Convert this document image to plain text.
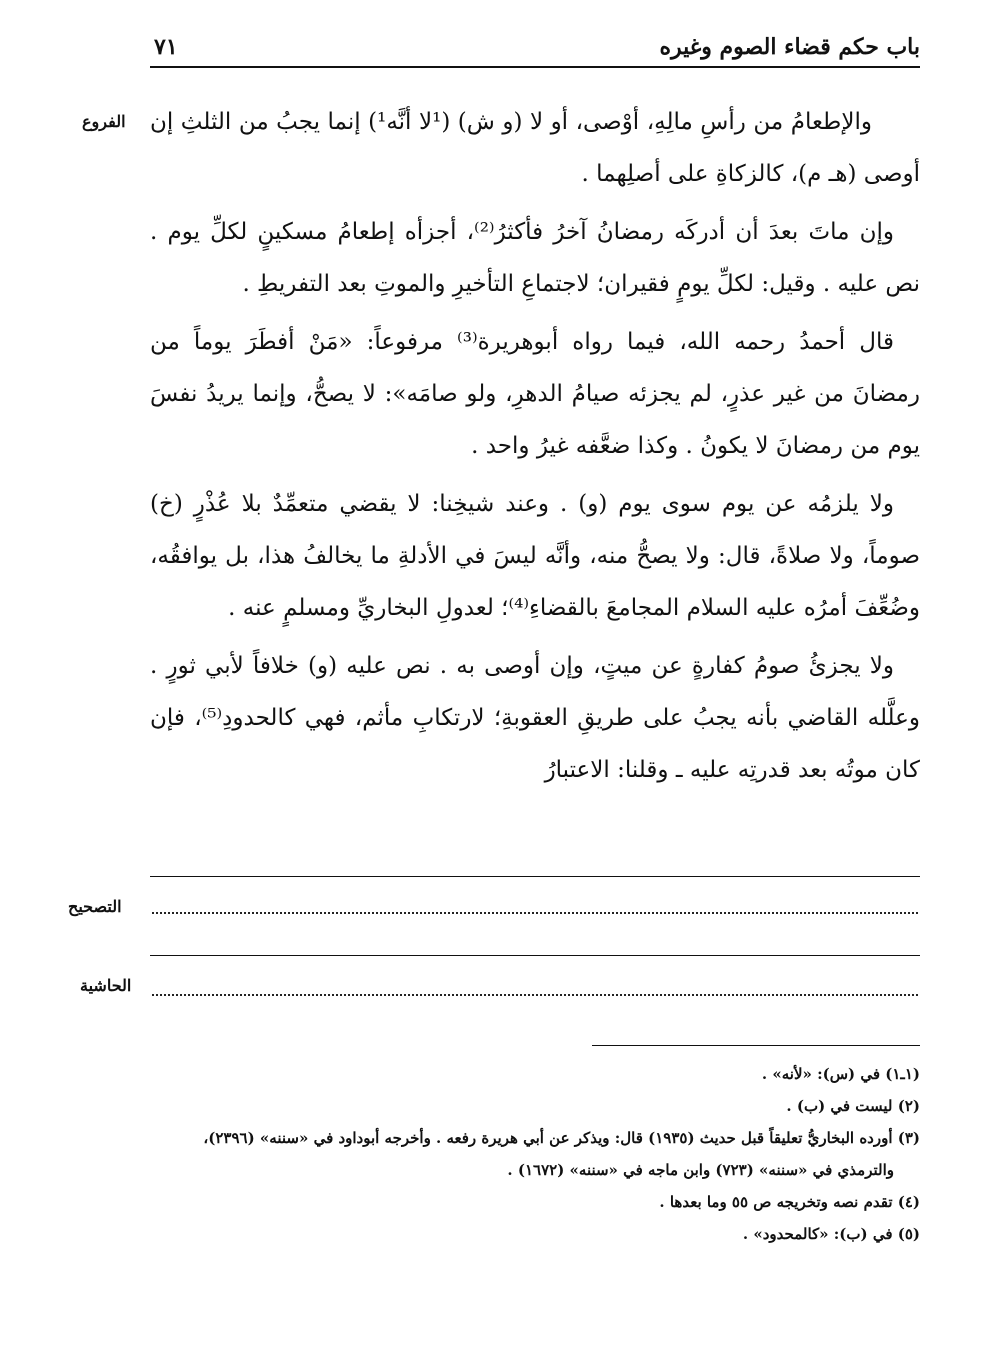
باب حكم قضاء الصوم وغيره
٧١
الفروع والإطعامُ من رأسِ مالِهِ، أوْصى، أو لا (و ش) (¹لا أنَّه¹) إنما يجبُ من الثلثِ إن أوصى (هـ م)، كالزكاةِ على أصلِهما .

وإن ماتَ بعدَ أن أدركَه رمضانُ آخرُ فأكثرُ⁽²⁾، أجزأه إطعامُ مسكينٍ لكلِّ يوم . نص عليه . وقيل: لكلِّ يومٍ فقيران؛ لاجتماعِ التأخيرِ والموتِ بعد التفريطِ .

قال أحمدُ رحمه الله، فيما رواه أبوهريرة⁽³⁾ مرفوعاً: «مَنْ أفطَرَ يوماً من رمضانَ من غير عذرٍ، لم يجزئه صيامُ الدهرِ، ولو صامَه»: لا يصحُّ، وإنما يريدُ نفسَ يوم من رمضانَ لا يكونُ . وكذا ضعَّفه غيرُ واحد .

ولا يلزمُه عن يوم سوى يوم (و) . وعند شيخِنا: لا يقضي متعمِّدٌ بلا عُذْرٍ (خ) صوماً، ولا صلاةً، قال: ولا يصحُّ منه، وأنَّه ليسَ في الأدلةِ ما يخالفُ هذا، بل يوافقُه، وضُعِّفَ أمرُه عليه السلام المجامعَ بالقضاءِ⁽⁴⁾؛ لعدولِ البخاريِّ ومسلمٍ عنه .

ولا يجزئُ صومُ كفارةٍ عن ميتٍ، وإن أوصى به . نص عليه (و) خلافاً لأبي ثورٍ . وعلَّله القاضي بأنه يجبُ على طريقِ العقوبةِ؛ لارتكابِ مأثم، فهي كالحدودِ⁽⁵⁾، فإن كان موتُه بعد قدرتِه عليه ـ وقلنا: الاعتبارُ

التصحيح
الحاشية
(١ـ١) في (س): «لأنه» .
(٢) ليست في (ب) .
(٣) أورده البخاريُّ تعليقاً قبل حديث (١٩٣٥) قال: ويذكر عن أبي هريرة رفعه . وأخرجه أبوداود في «سننه» (٢٣٩٦)،
والترمذي في «سننه» (٧٢٣) وابن ماجه في «سننه» (١٦٧٢) .
(٤) تقدم نصه وتخريجه ص ٥٥ وما بعدها .
(٥) في (ب): «كالمحدود» .
